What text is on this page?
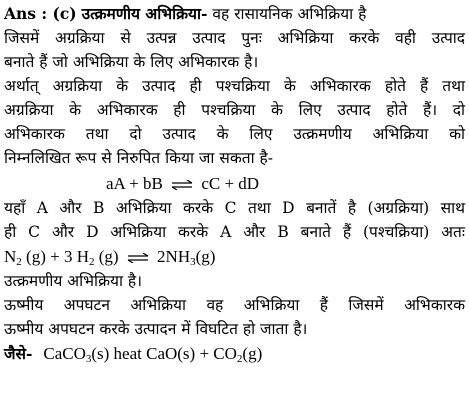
Ans : (c) उत्क्रमणीय अभिक्रिया- वह रासायनिक अभिक्रिया है
जिसमें अग्रक्रिया से उत्पन्न उत्पाद पुनः अभिक्रिया करके वही उत्पाद
बनाते हैं जो अभिक्रिया के लिए अभिकारक है।
अर्थात् अग्रक्रिया के उत्पाद ही पश्चक्रिया के अभिकारक होते हैं तथा
अग्रक्रिया के अभिकारक ही पश्चक्रिया के लिए उत्पाद होते हैं। दो
अभिकारक तथा दो उत्पाद के लिए उत्क्रमणीय अभिक्रिया को
निम्नलिखित रूप से निरुपित किया जा सकता है-
aA + bB ⇌ cC + dD
यहाँ A और B अभिक्रिया करके C तथा D बनातें है (अग्रक्रिया) साथ
ही C और D अभिक्रिया करके A और B बनाते हैं (पश्चक्रिया) अतः
N2 (g) + 3 H2 (g) ⇌ 2NH3(g)
उत्क्रमणीय अभिक्रिया है।
ऊष्मीय अपघटन अभिक्रिया वह अभिक्रिया हैं जिसमें अभिकारक
ऊष्मीय अपघटन करके उत्पादन में विघटित हो जाता है।
जैसे- CaCO3(s) heat CaO(s) + CO2(g)
